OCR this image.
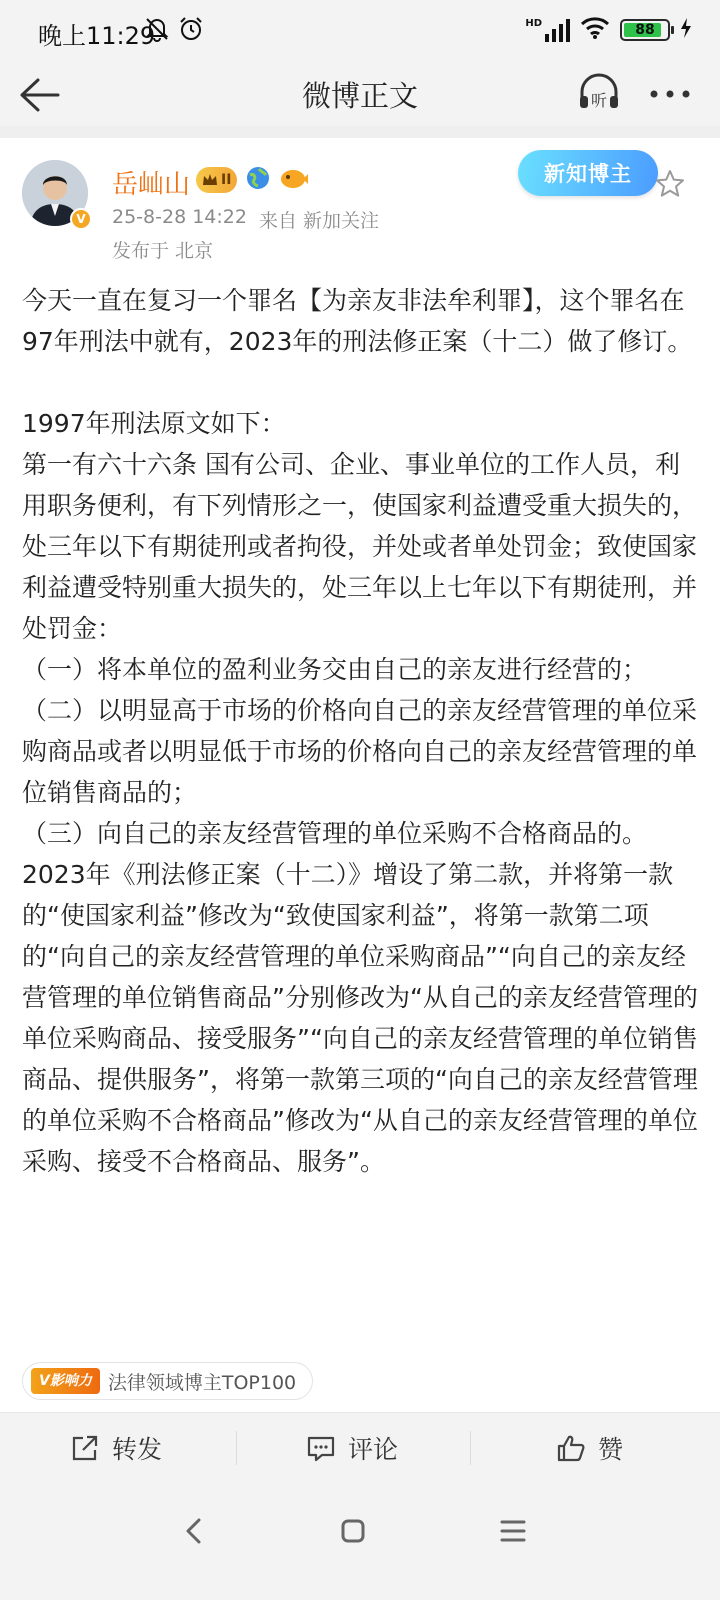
晚上11:29	HD	88
微博正文	听
V
岳屾山 II
25-8-28 14:22 来自 新加关注
发布于 北京
新知博主

今天一直在复习一个罪名【为亲友非法牟利罪】，这个罪名在97年刑法中就有，2023年的刑法修正案（十二）做了修订。

1997年刑法原文如下：

第一有六十六条 国有公司、企业、事业单位的工作人员，利用职务便利，有下列情形之一，使国家利益遭受重大损失的，处三年以下有期徒刑或者拘役，并处或者单处罚金；致使国家利益遭受特别重大损失的，处三年以上七年以下有期徒刑，并处罚金：

（一）将本单位的盈利业务交由自己的亲友进行经营的；

（二）以明显高于市场的价格向自己的亲友经营管理的单位采购商品或者以明显低于市场的价格向自己的亲友经营管理的单位销售商品的；

（三）向自己的亲友经营管理的单位采购不合格商品的。

2023年《刑法修正案（十二）》增设了第二款，并将第一款的“使国家利益”修改为“致使国家利益”，将第一款第二项的“向自己的亲友经营管理的单位采购商品”“向自己的亲友经营管理的单位销售商品”分别修改为“从自己的亲友经营管理的单位采购商品、接受服务”“向自己的亲友经营管理的单位销售商品、提供服务”，将第一款第三项的“向自己的亲友经营管理的单位采购不合格商品”修改为“从自己的亲友经营管理的单位采购、接受不合格商品、服务”。

V影响力 法律领域博主TOP100
转发	评论	赞
